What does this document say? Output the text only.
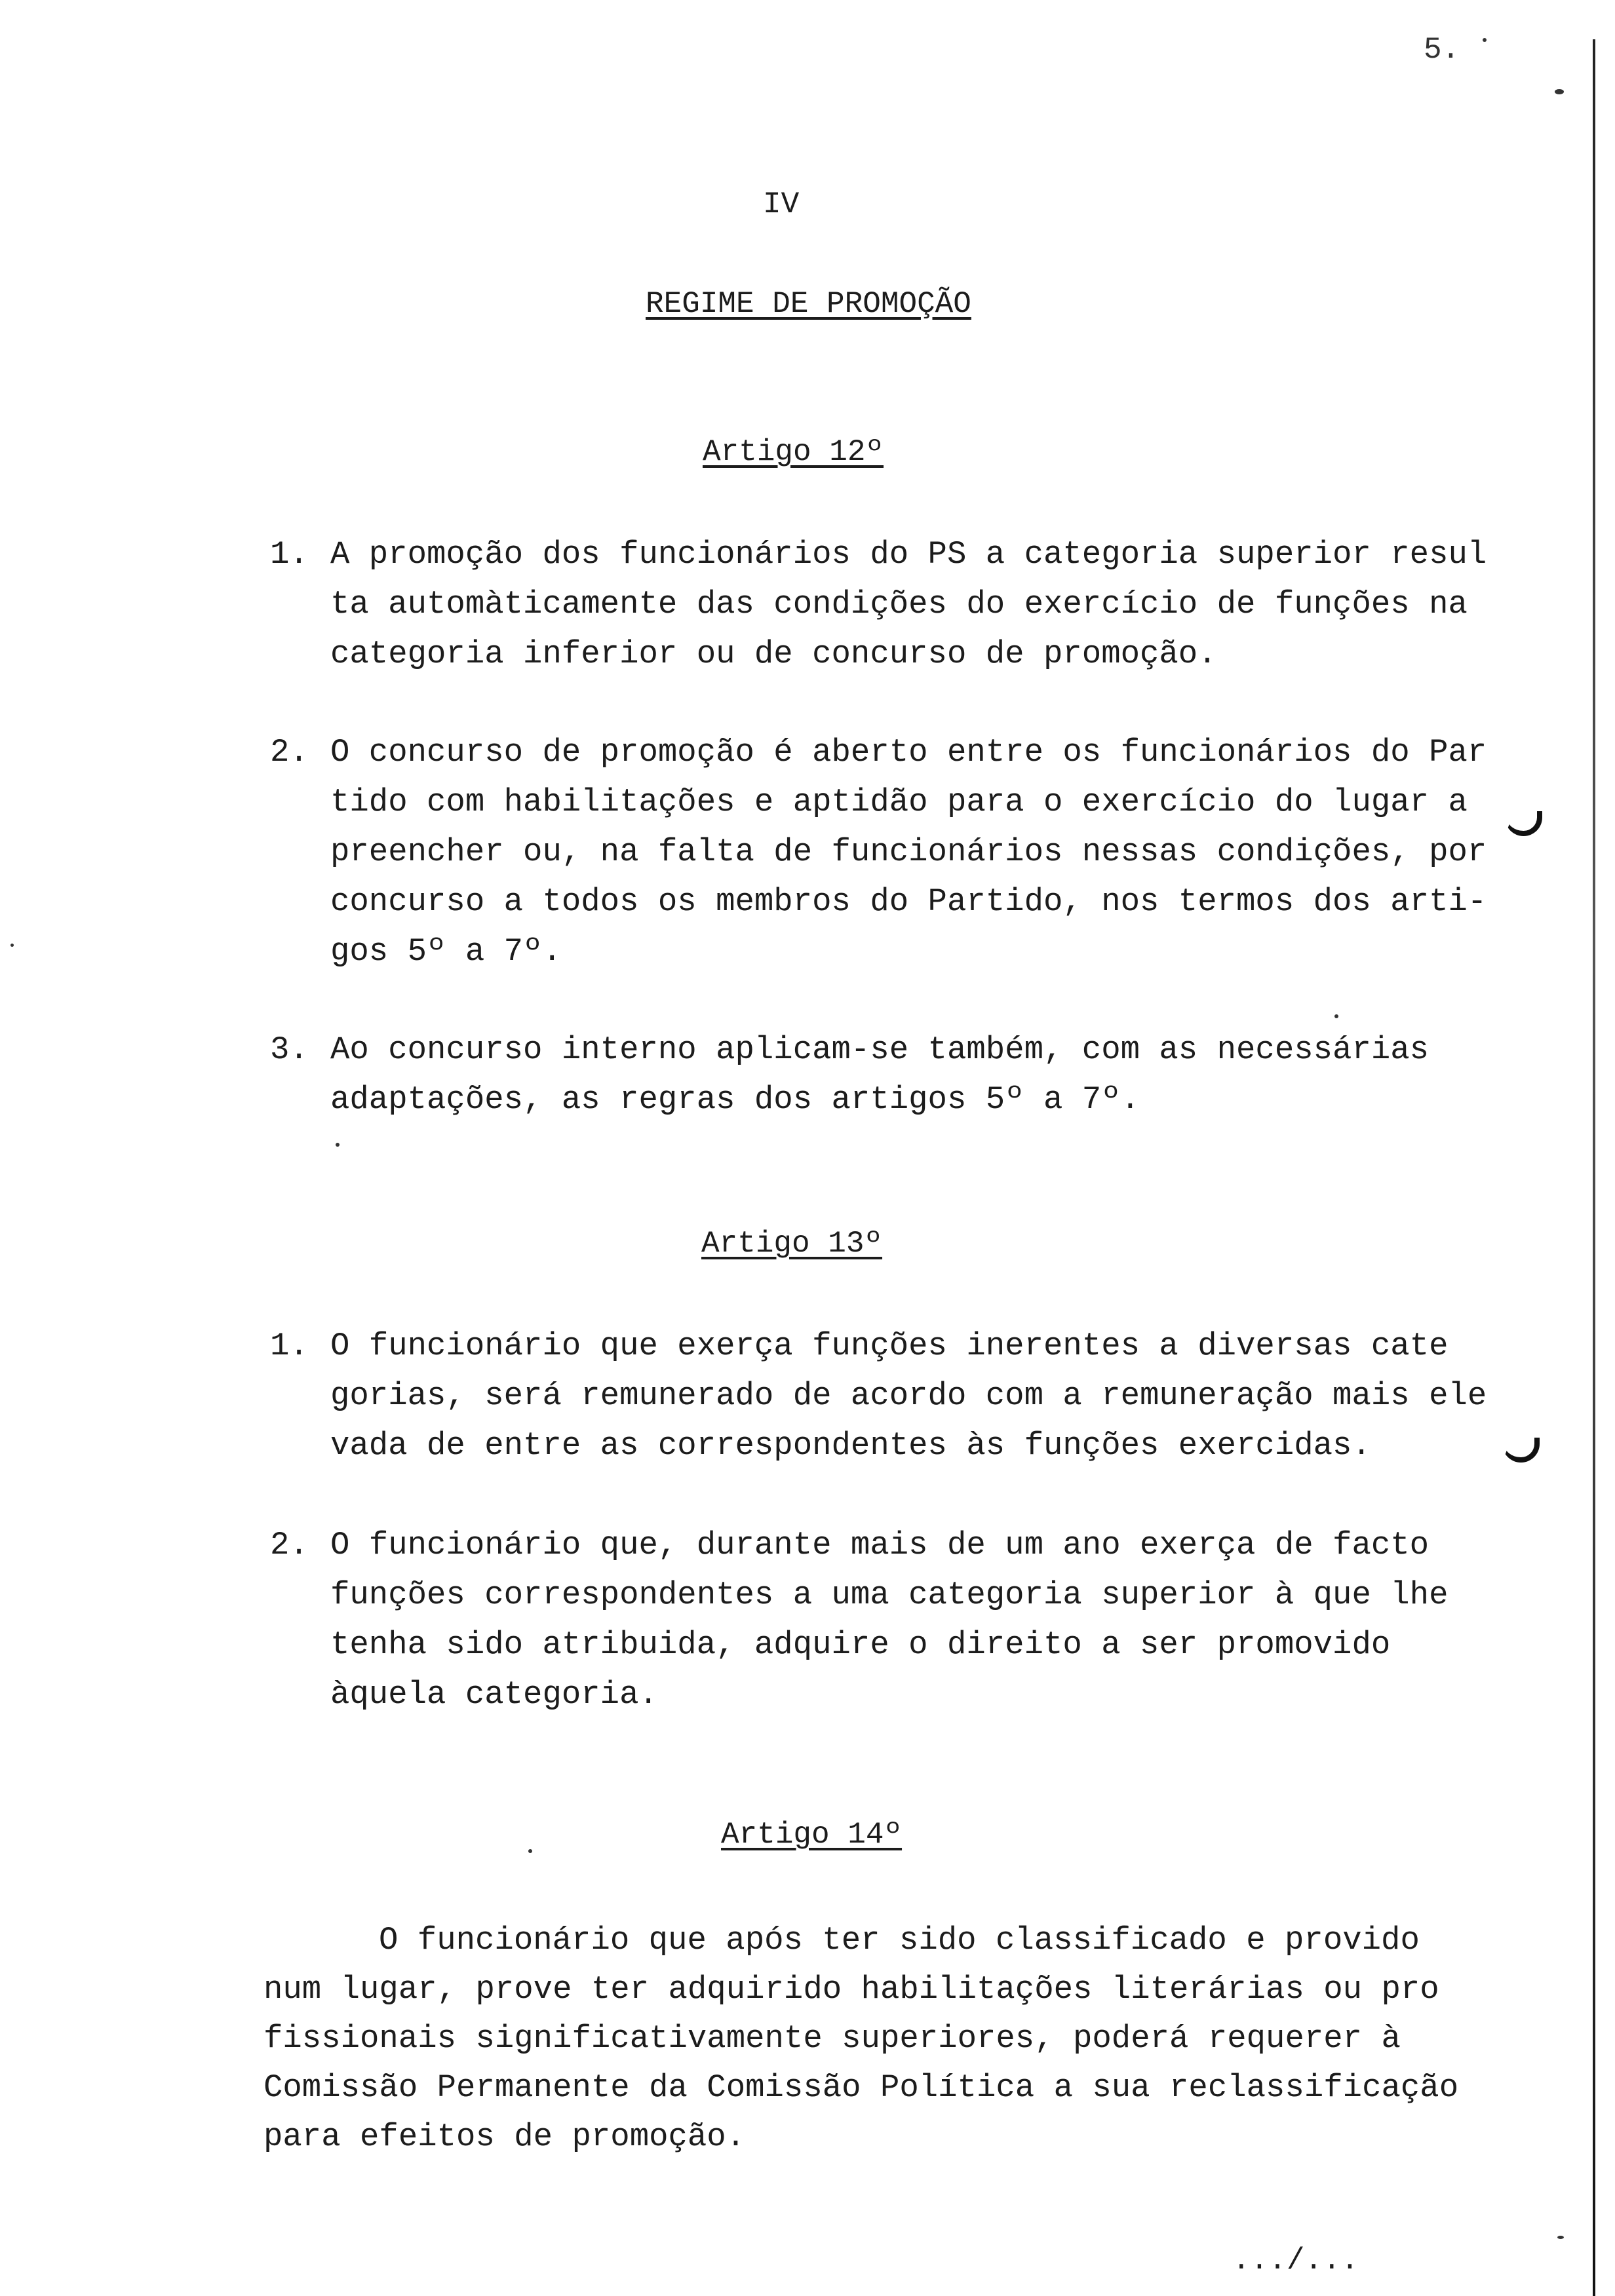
5.
IV
REGIME DE PROMOÇÃO
Artigo 12º
1. A promoção dos funcionários do PS a categoria superior resul
ta automàticamente das condições do exercício de funções na
categoria inferior ou de concurso de promoção.
2. O concurso de promoção é aberto entre os funcionários do Par
tido com habilitações e aptidão para o exercício do lugar a
preencher ou, na falta de funcionários nessas condições, por
concurso a todos os membros do Partido, nos termos dos arti-
gos 5º a 7º.
3. Ao concurso interno aplicam-se também, com as necessárias
adaptações, as regras dos artigos 5º a 7º.
Artigo 13º
1. O funcionário que exerça funções inerentes a diversas cate
gorias, será remunerado de acordo com a remuneração mais ele
vada de entre as correspondentes às funções exercidas.
2. O funcionário que, durante mais de um ano exerça de facto
funções correspondentes a uma categoria superior à que lhe
tenha sido atribuida, adquire o direito a ser promovido
àquela categoria.
Artigo 14º
O funcionário que após ter sido classificado e provido
num lugar, prove ter adquirido habilitações literárias ou pro
fissionais significativamente superiores, poderá requerer à
Comissão Permanente da Comissão Política a sua reclassificação
para efeitos de promoção.
.../...
